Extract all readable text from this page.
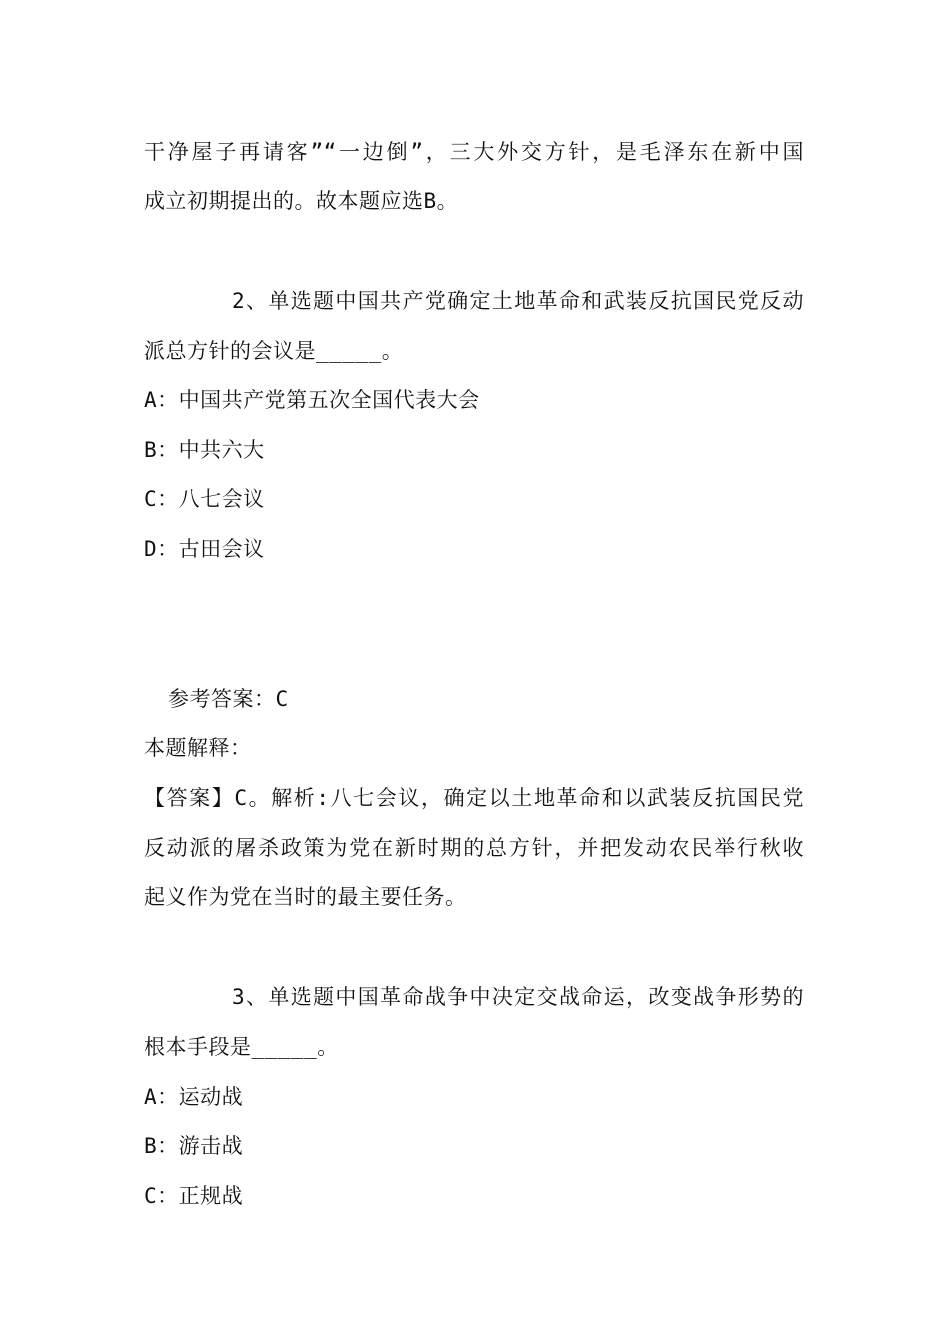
干净屋子再请客”“一边倒”，三大外交方针，是毛泽东在新中国
成立初期提出的。故本题应选B。
2、单选题中国共产党确定土地革命和武装反抗国民党反动
派总方针的会议是_____。
A：中国共产党第五次全国代表大会
B：中共六大
C：八七会议
D：古田会议
参考答案：C
本题解释：
【答案】C。解析:八七会议，确定以土地革命和以武装反抗国民党
反动派的屠杀政策为党在新时期的总方针，并把发动农民举行秋收
起义作为党在当时的最主要任务。
3、单选题中国革命战争中决定交战命运，改变战争形势的
根本手段是_____。
A：运动战
B：游击战
C：正规战
